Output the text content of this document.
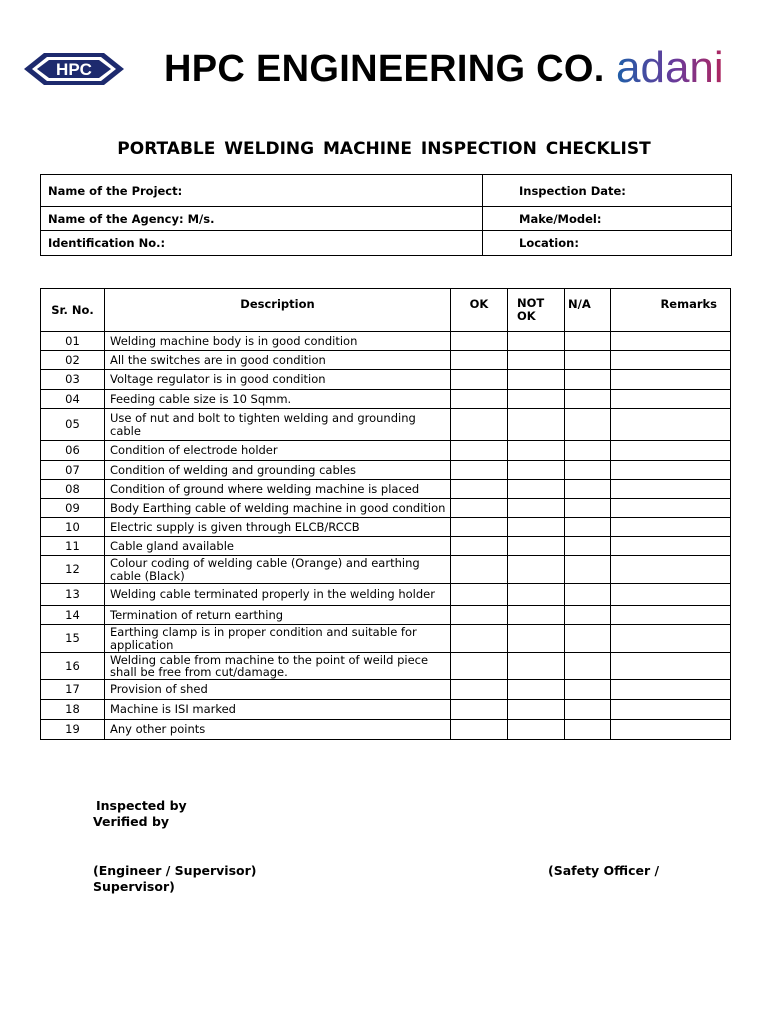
HPC HPC ENGINEERING CO. adani
PORTABLE WELDING MACHINE INSPECTION CHECKLIST
Name of the Project:	Inspection Date:
Name of the Agency: M/s.	Make/Model:
Identification No.:	Location:
Sr. No.	Description	OK	NOT OK	N/A	Remarks
01	Welding machine body is in good condition				
02	All the switches are in good condition				
03	Voltage regulator is in good condition				
04	Feeding cable size is 10 Sqmm.				
05	Use of nut and bolt to tighten welding and grounding cable				
06	Condition of electrode holder				
07	Condition of welding and grounding cables				
08	Condition of ground where welding machine is placed				
09	Body Earthing cable of welding machine in good condition				
10	Electric supply is given through ELCB/RCCB				
11	Cable gland available				
12	Colour coding of welding cable (Orange) and earthing cable (Black)				
13	Welding cable terminated properly in the welding holder				
14	Termination of return earthing				
15	Earthing clamp is in proper condition and suitable for application				
16	Welding cable from machine to the point of weild piece shall be free from cut/damage.				
17	Provision of shed				
18	Machine is ISI marked				
19	Any other points				
Inspected by
Verified by
(Engineer / Supervisor)	(Safety Officer /
Supervisor)
